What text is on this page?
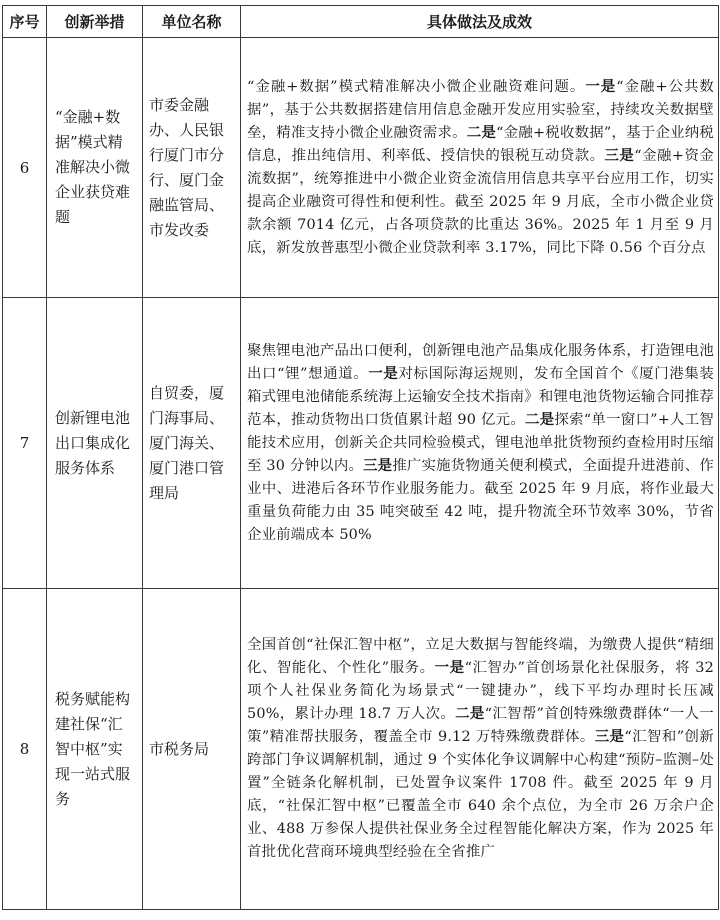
序号	创新举措	单位名称	具体做法及成效
6	“金融+数据”模式精准解决小微企业获贷难题	市委金融办、人民银行厦门市分行、厦门金融监管局、市发改委	“金融+数据”模式精准解决小微企业融资难问题。一是“金融+公共数据”，基于公共数据搭建信用信息金融开发应用实验室，持续攻关数据壁垒，精准支持小微企业融资需求。二是“金融+税收数据”，基于企业纳税信息，推出纯信用、利率低、授信快的银税互动贷款。三是“金融+资金流数据”，统筹推进中小微企业资金流信用信息共享平台应用工作，切实提高企业融资可得性和便利性。截至 2025 年 9 月底，全市小微企业贷款余额 7014 亿元，占各项贷款的比重达 36%。2025 年 1 月至 9 月底，新发放普惠型小微企业贷款利率 3.17%，同比下降 0.56 个百分点
7	创新锂电池出口集成化服务体系	自贸委，厦门海事局、厦门海关、厦门港口管理局	聚焦锂电池产品出口便利，创新锂电池产品集成化服务体系，打造锂电池出口“锂”想通道。一是对标国际海运规则，发布全国首个《厦门港集装箱式锂电池储能系统海上运输安全技术指南》和锂电池货物运输合同推荐范本，推动货物出口货值累计超 90 亿元。二是探索“单一窗口”+人工智能技术应用，创新关企共同检验模式，锂电池单批货物预约查检用时压缩至 30 分钟以内。三是推广实施货物通关便利模式，全面提升进港前、作业中、进港后各环节作业服务能力。截至 2025 年 9 月底，将作业最大重量负荷能力由 35 吨突破至 42 吨，提升物流全环节效率 30%，节省企业前端成本 50%
8	税务赋能构建社保“汇智中枢”实现一站式服务	市税务局	全国首创“社保汇智中枢”，立足大数据与智能终端，为缴费人提供“精细化、智能化、个性化”服务。一是“汇智办”首创场景化社保服务，将 32 项个人社保业务简化为场景式“一键捷办”，线下平均办理时长压减 50%，累计办理 18.7 万人次。二是“汇智帮”首创特殊缴费群体“一人一策”精准帮扶服务，覆盖全市 9.12 万特殊缴费群体。三是“汇智和”创新跨部门争议调解机制，通过 9 个实体化争议调解中心构建“预防–监测–处置”全链条化解机制，已处置争议案件 1708 件。截至 2025 年 9 月底，“社保汇智中枢”已覆盖全市 640 余个点位，为全市 26 万余户企业、488 万参保人提供社保业务全过程智能化解决方案，作为 2025 年首批优化营商环境典型经验在全省推广
